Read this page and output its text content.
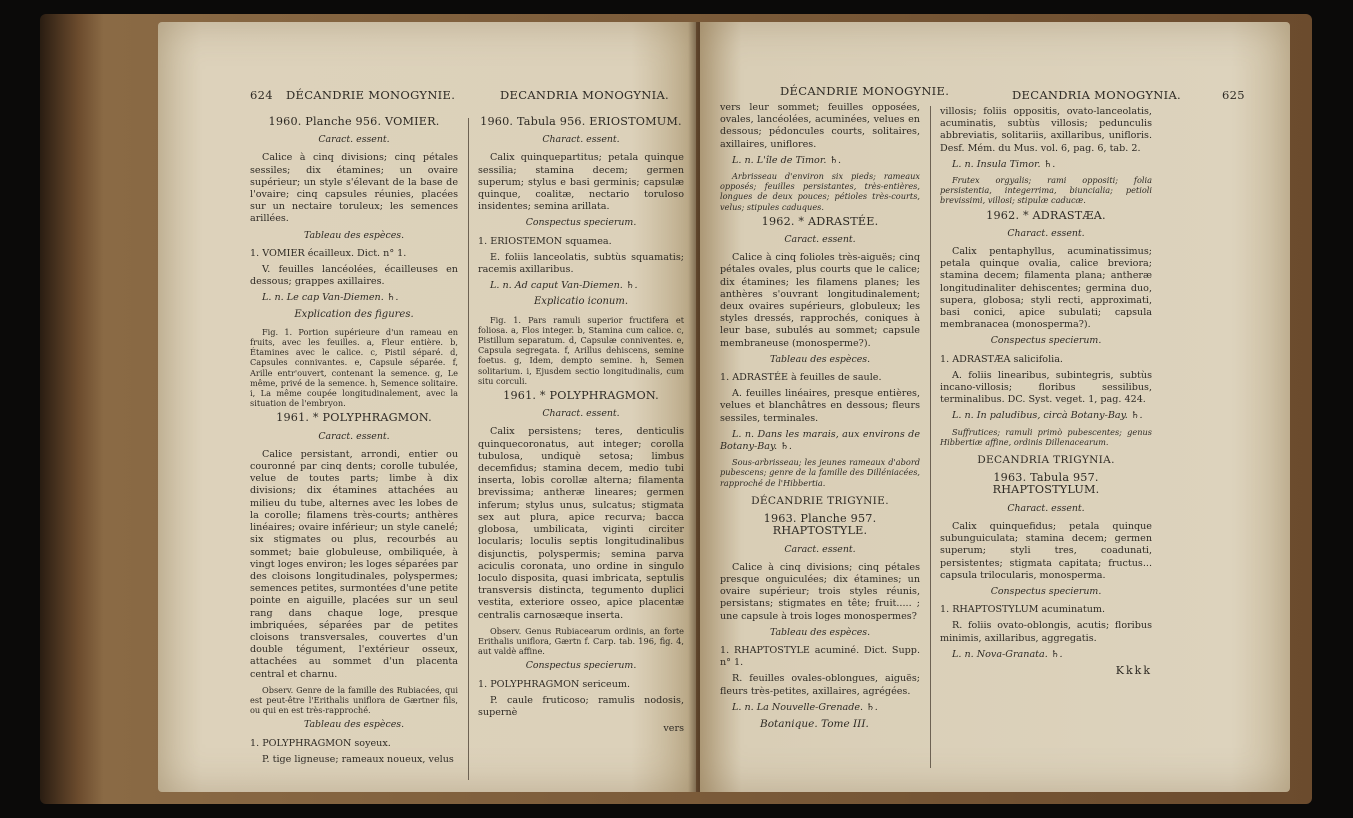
624 DÉCANDRIE MONOGYNIE.	DECANDRIA MONOGYNIA.
1960. Planche 956. VOMIER.
Caract. essent.

Calice à cinq divisions; cinq pétales sessiles; dix étamines; un ovaire supérieur; un style s'élevant de la base de l'ovaire; cinq capsules réunies, placées sur un nectaire toruleux; les semences arillées.

Tableau des espèces.

1. VOMIER écailleux. Dict. n° 1.

V. feuilles lancéolées, écailleuses en dessous; grappes axillaires.

L. n. Le cap Van-Diemen. ♄.

Explication des figures.

Fig. 1. Portion supérieure d'un rameau en fruits, avec les feuilles. a, Fleur entière. b, Étamines avec le calice. c, Pistil séparé. d, Capsules connivantes. e, Capsule séparée. f, Arille entr'ouvert, contenant la semence. g, Le même, privé de la semence. h, Semence solitaire. i, La même coupée longitudinalement, avec la situation de l'embryon.

1961. * POLYPHRAGMON.
Caract. essent.

Calice persistant, arrondi, entier ou couronné par cinq dents; corolle tubulée, velue de toutes parts; limbe à dix divisions; dix étamines attachées au milieu du tube, alternes avec les lobes de la corolle; filamens très-courts; anthères linéaires; ovaire inférieur; un style canelé; six stigmates ou plus, recourbés au sommet; baie globuleuse, ombiliquée, à vingt loges environ; les loges séparées par des cloisons longitudinales, polyspermes; semences petites, surmontées d'une petite pointe en aiguille, placées sur un seul rang dans chaque loge, presque imbriquées, séparées par de petites cloisons transversales, couvertes d'un double tégument, l'extérieur osseux, attachées au sommet d'un placenta central et charnu.

Observ. Genre de la famille des Rubiacées, qui est peut-être l'Erithalis uniflora de Gærtner fils, ou qui en est très-rapproché.

Tableau des espèces.

1. POLYPHRAGMON soyeux.

P. tige ligneuse; rameaux noueux, velus

1960. Tabula 956. ERIOSTOMUM.
Charact. essent.

Calix quinquepartitus; petala quinque sessilia; stamina decem; germen superum; stylus e basi germinis; capsulæ quinque, coalitæ, nectario toruloso insidentes; semina arillata.

Conspectus specierum.

1. ERIOSTEMON squamea.

E. foliis lanceolatis, subtùs squamatis; racemis axillaribus.

L. n. Ad caput Van-Diemen. ♄.

Explicatio iconum.

Fig. 1. Pars ramuli superior fructifera et foliosa. a, Flos integer. b, Stamina cum calice. c, Pistillum separatum. d, Capsulæ conniventes. e, Capsula segregata. f, Arillus dehiscens, semine foetus. g, Idem, dempto semine. h, Semen solitarium. i, Ejusdem sectio longitudinalis, cum situ corculi.

1961. * POLYPHRAGMON.
Charact. essent.

Calix persistens; teres, denticulis quinquecoronatus, aut integer; corolla tubulosa, undiquè setosa; limbus decemfidus; stamina decem, medio tubi inserta, lobis corollæ alterna; filamenta brevissima; antheræ lineares; germen inferum; stylus unus, sulcatus; stigmata sex aut plura, apice recurva; bacca globosa, umbilicata, viginti circiter locularis; loculis septis longitudinalibus disjunctis, polyspermis; semina parva aciculis coronata, uno ordine in singulo loculo disposita, quasi imbricata, septulis transversis distincta, tegumento duplici vestita, exteriore osseo, apice placentæ centralis carnosæque inserta.

Observ. Genus Rubiacearum ordinis, an forte Erithalis uniflora, Gærtn f. Carp. tab. 196, fig. 4, aut valdè affine.

Conspectus specierum.

1. POLYPHRAGMON sericeum.

P. caule fruticoso; ramulis nodosis, supernè

vers
DÉCANDRIE MONOGYNIE.	DECANDRIA MONOGYNIA.	625

vers leur sommet; feuilles opposées, ovales, lancéolées, acuminées, velues en dessous; pédoncules courts, solitaires, axillaires, uniflores.

L. n. L'île de Timor. ♄.

Arbrisseau d'environ six pieds; rameaux opposés; feuilles persistantes, très-entières, longues de deux pouces; pétioles très-courts, velus; stipules caduques.

1962. * ADRASTÉE.
Caract. essent.

Calice à cinq folioles très-aiguës; cinq pétales ovales, plus courts que le calice; dix étamines; les filamens planes; les anthères s'ouvrant longitudinalement; deux ovaires supérieurs, globuleux; les styles dressés, rapprochés, coniques à leur base, subulés au sommet; capsule membraneuse (monosperme?).

Tableau des espèces.

1. ADRASTÉE à feuilles de saule.

A. feuilles linéaires, presque entières, velues et blanchâtres en dessous; fleurs sessiles, terminales.

L. n. Dans les marais, aux environs de Botany-Bay. ♄.

Sous-arbrisseau; les jeunes rameaux d'abord pubescens; genre de la famille des Dilléniacées, rapproché de l'Hibbertia.

DÉCANDRIE TRIGYNIE.
1963. Planche 957. RHAPTOSTYLE.
Caract. essent.

Calice à cinq divisions; cinq pétales presque onguiculées; dix étamines; un ovaire supérieur; trois styles réunis, persistans; stigmates en tête; fruit..... ; une capsule à trois loges monospermes?

Tableau des espèces.

1. RHAPTOSTYLE acuminé. Dict. Supp. n° 1.

R. feuilles ovales-oblongues, aiguës; fleurs très-petites, axillaires, agrégées.

L. n. La Nouvelle-Grenade. ♄.

Botanique. Tome III.

villosis; foliis oppositis, ovato-lanceolatis, acuminatis, subtùs villosis; pedunculis abbreviatis, solitariis, axillaribus, unifloris. Desf. Mém. du Mus. vol. 6, pag. 6, tab. 2.

L. n. Insula Timor. ♄.

Frutex orgyalis; rami oppositi; folia persistentia, integerrima, biuncialia; petioli brevissimi, villosi; stipulæ caducæ.

1962. * ADRASTÆA.
Charact. essent.

Calix pentaphyllus, acuminatissimus; petala quinque ovalia, calice breviora; stamina decem; filamenta plana; antheræ longitudinaliter dehiscentes; germina duo, supera, globosa; styli recti, approximati, basi conici, apice subulati; capsula membranacea (monosperma?).

Conspectus specierum.

1. ADRASTÆA salicifolia.

A. foliis linearibus, subintegris, subtùs incano-villosis; floribus sessilibus, terminalibus. DC. Syst. veget. 1, pag. 424.

L. n. In paludibus, circà Botany-Bay. ♄.

Suffrutices; ramuli primò pubescentes; genus Hibbertiæ affine, ordinis Dillenacearum.

DECANDRIA TRIGYNIA.
1963. Tabula 957. RHAPTOSTYLUM.
Charact. essent.

Calix quinquefidus; petala quinque subunguiculata; stamina decem; germen superum; styli tres, coadunati, persistentes; stigmata capitata; fructus... capsula trilocularis, monosperma.

Conspectus specierum.

1. RHAPTOSTYLUM acuminatum.

R. foliis ovato-oblongis, acutis; floribus minimis, axillaribus, aggregatis.

L. n. Nova-Granata. ♄.

Kkkk
